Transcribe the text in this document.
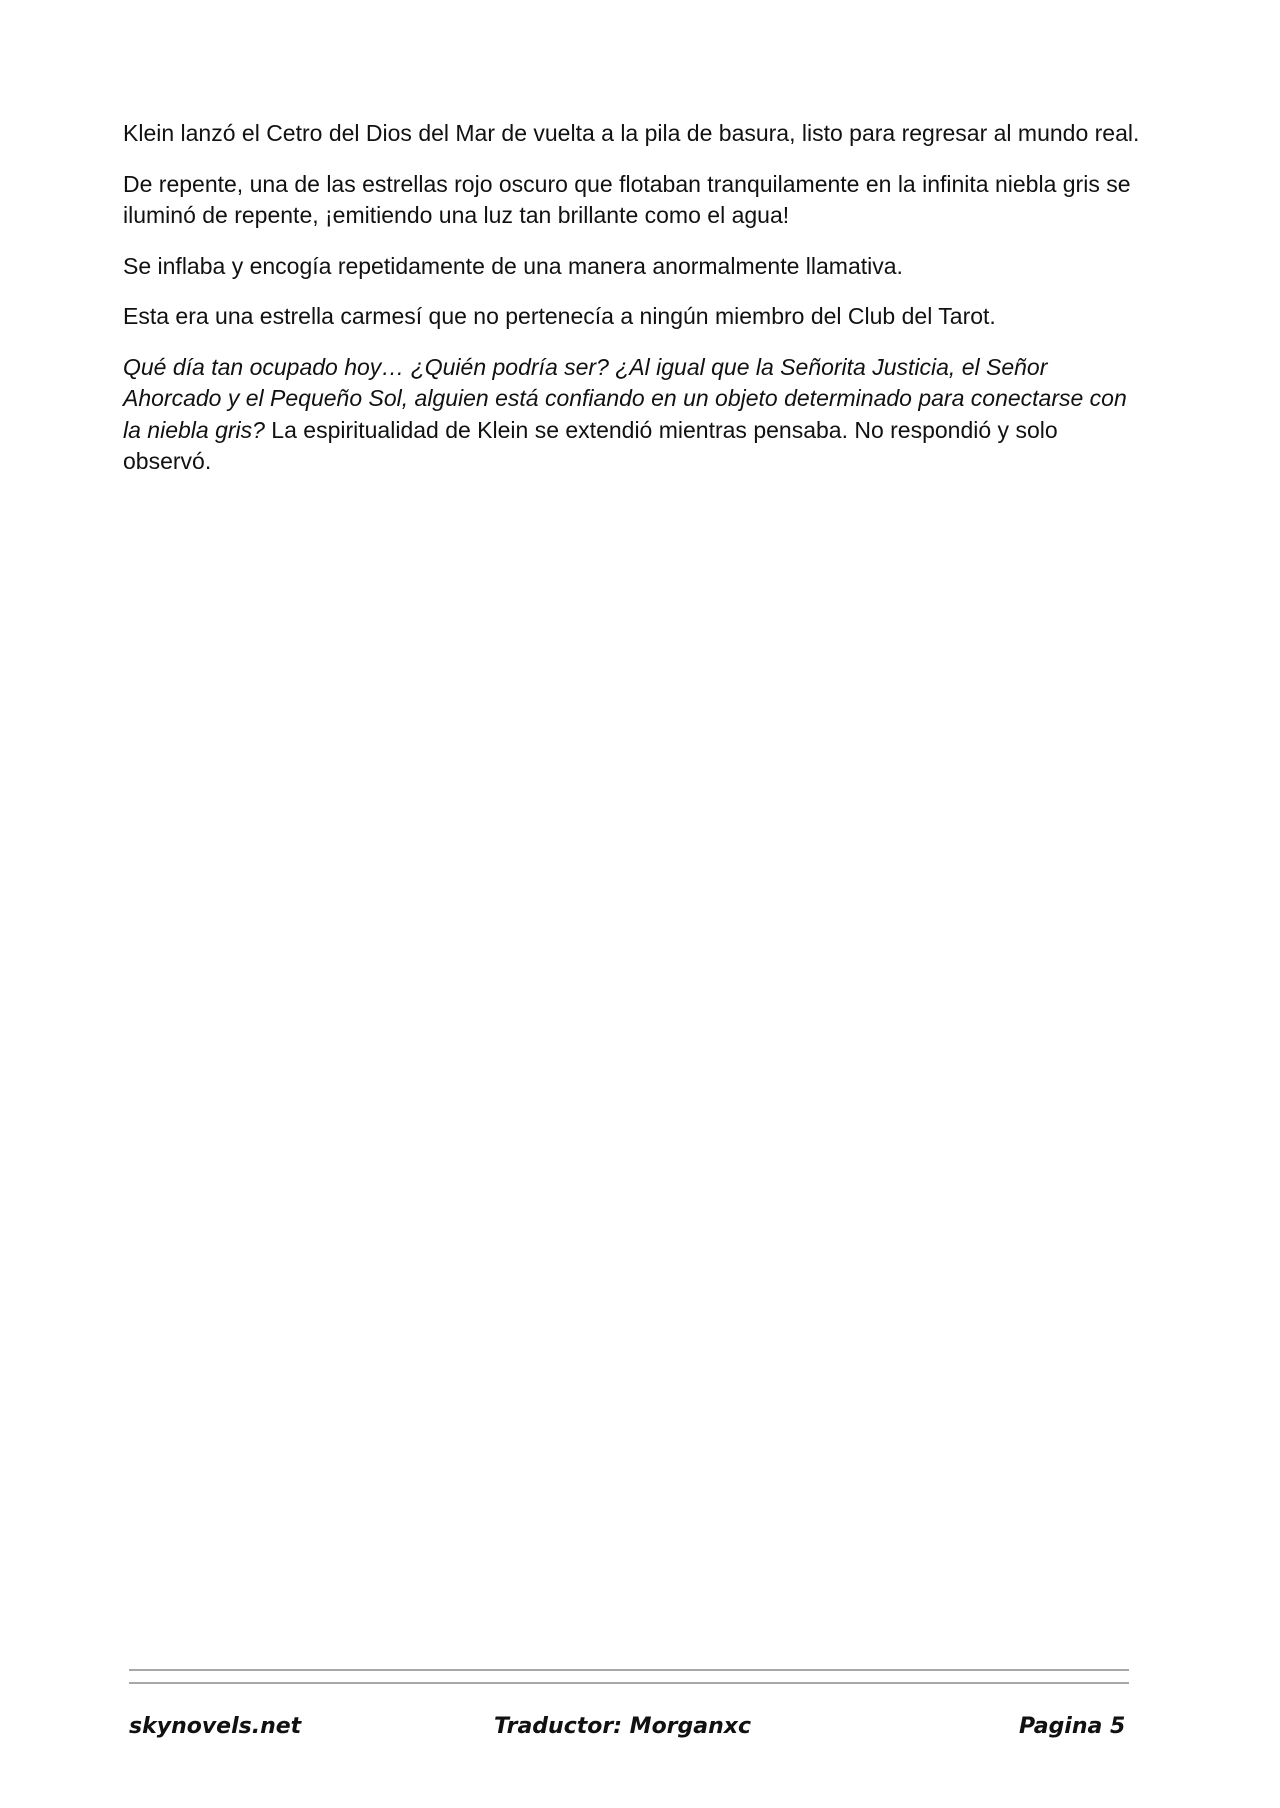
Klein lanzó el Cetro del Dios del Mar de vuelta a la pila de basura, listo para regresar al mundo real.

De repente, una de las estrellas rojo oscuro que flotaban tranquilamente en la infinita niebla gris se iluminó de repente, ¡emitiendo una luz tan brillante como el agua!

Se inflaba y encogía repetidamente de una manera anormalmente llamativa.

Esta era una estrella carmesí que no pertenecía a ningún miembro del Club del Tarot.

Qué día tan ocupado hoy… ¿Quién podría ser? ¿Al igual que la Señorita Justicia, el Señor Ahorcado y el Pequeño Sol, alguien está confiando en un objeto determinado para conectarse con la niebla gris? La espiritualidad de Klein se extendió mientras pensaba. No respondió y solo observó.

skynovels.net	Traductor: Morganxc	Pagina 5
